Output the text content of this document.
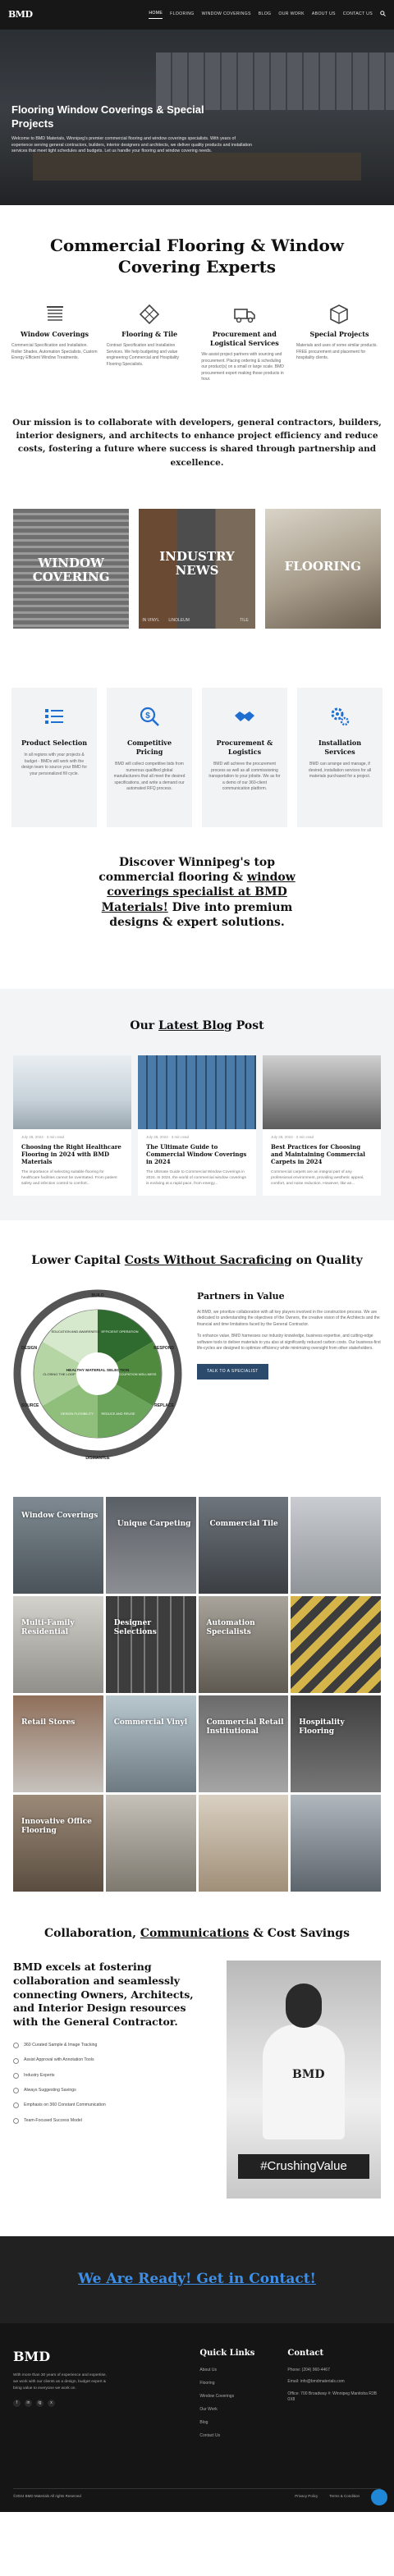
BMD	HOME FLOORING WINDOW COVERINGS BLOG OUR WORK ABOUT US CONTACT US
Flooring Window Coverings & Special Projects

Welcome to BMD Materials, Winnipeg's premier commercial flooring and window coverings specialists. With years of experience serving general contractors, builders, interior designers and architects, we deliver quality products and installation services that meet tight schedules and budgets. Let us handle your flooring and window covering needs.

Commercial Flooring & Window Covering Experts
Window Coverings

Commercial Specification and Installation. Roller Shades, Automation Specialists, Custom Energy Efficient Window Treatments.

Flooring & Tile

Contract Specification and Installation Services. We help budgeting and value engineering Commercial and Hospitality Flooring Specialists.

Procurement and Logistical Services

We assist project partners with sourcing and procurement. Placing ordering & scheduling our product(s) on a small or large scale. BMD procurement expert making those products in hour.

Special Projects

Materials and uses of some similar products. FREE procurement and placement for hospitality clients.

Our mission is to collaborate with developers, general contractors, builders, interior designers, and architects to enhance project efficiency and reduce costs, fostering a future where success is shared through partnership and excellence.

WINDOW COVERING
INDUSTRY NEWS
IN VINYL LINOLEUM	TILE
FLOORING
Product Selection

In all regions with your projects & budget - BMDs will work with the design team to source your BMD for your personalized fill cycle.

$
Competitive Pricing

BMD will collect competitive bids from numerous qualified global manufacturers that all meet the desired specifications, and write a demand our automated RFQ process.

Procurement & Logistics

BMD will achieve the procurement process as well as all commissioning transportation to your jobsite. We as for a demo of our 360-client communication platform.

Installation Services

BMD can arrange and manage, if desired, installation services for all materials purchased for a project.

Discover Winnipeg's top commercial flooring & window coverings specialist at BMD Materials! Dive into premium designs & expert solutions.
Our Latest Blog Post
July 28, 2024 · 3 min read
Choosing the Right Healthcare Flooring in 2024 with BMD Materials

The importance of selecting suitable flooring for healthcare facilities cannot be overstated. From patient safety and infection control to comfort...

July 28, 2024 · 3 min read
The Ultimate Guide to Commercial Window Coverings in 2024

The Ultimate Guide to Commercial Window Coverings in 2024. In 2024, the world of commercial window coverings is evolving at a rapid pace, from energy...

July 28, 2024 · 2 min read
Best Practices for Choosing and Maintaining Commercial Carpets in 2024

Commercial carpets are an integral part of any professional environment, providing aesthetic appeal, comfort, and noise reduction. However, like an...

Lower Capital Costs Without Sacraficing on Quality
HEALTHY MATERIAL SELECTION
EFFICIENT OPERATION
OCCUPATION WELLNESS
REDUCE AND REUSE
DESIGN FLEXIBILITY
CLOSING THE LOOP
EDUCATION AND AWARENESS
BUILD
RESPOND
REPLACE
DISMANTLE
SOURCE
DESIGN
Partners in Value

At BMD, we prioritize collaboration with all key players involved in the construction process. We are dedicated to understanding the objectives of the Owners, the creative vision of the Architects and the financial and time limitations faced by the General Contractor.

To enhance value, BMD harnesses our industry knowledge, business expertise, and cutting-edge software tools to deliver materials to you also at significantly reduced carbon costs. Our business-first life-cycles are designed to optimize efficiency while minimizing oversight from other stakeholders.

TALK TO A SPECIALIST
Window Coverings
Unique Carpeting	Commercial Tile
Multi-Family Residential
Designer Selections
Automation Specialists
Retail Stores	Commercial Vinyl	Commercial Retail Institutional
Hospitality Flooring
Innovative Office Flooring
Collaboration, Communications & Cost Savings
BMD excels at fostering collaboration and seamlessly connecting Owners, Architects, and Interior Design resources with the General Contractor.
360 Curated Sample & Image Tracking
Assist Approval with Annotation Tools
Industry Experts
Always Suggesting Savings
Emphasis on 360 Constant Communication
Team-Focused Success Model
BMD
#CrushingValue
We Are Ready! Get in Contact!
BMD

With more than 30 years of experience and expertise, we work with our clients as a design, budget expert & bring value to everyone we work on.

f	in	ig	x
Quick Links
About Us
Flooring
Window Coverings
Our Work
Blog
Contact Us
Contact

Phone: (204) 960-4467

Email: info@bmdmaterials.com

Office: 700 Broadway #: Winnipeg Manitoba R3B 0X8

©2024 BMD Materials All rights Reserved	Privacy Policy	Terms & Condition
